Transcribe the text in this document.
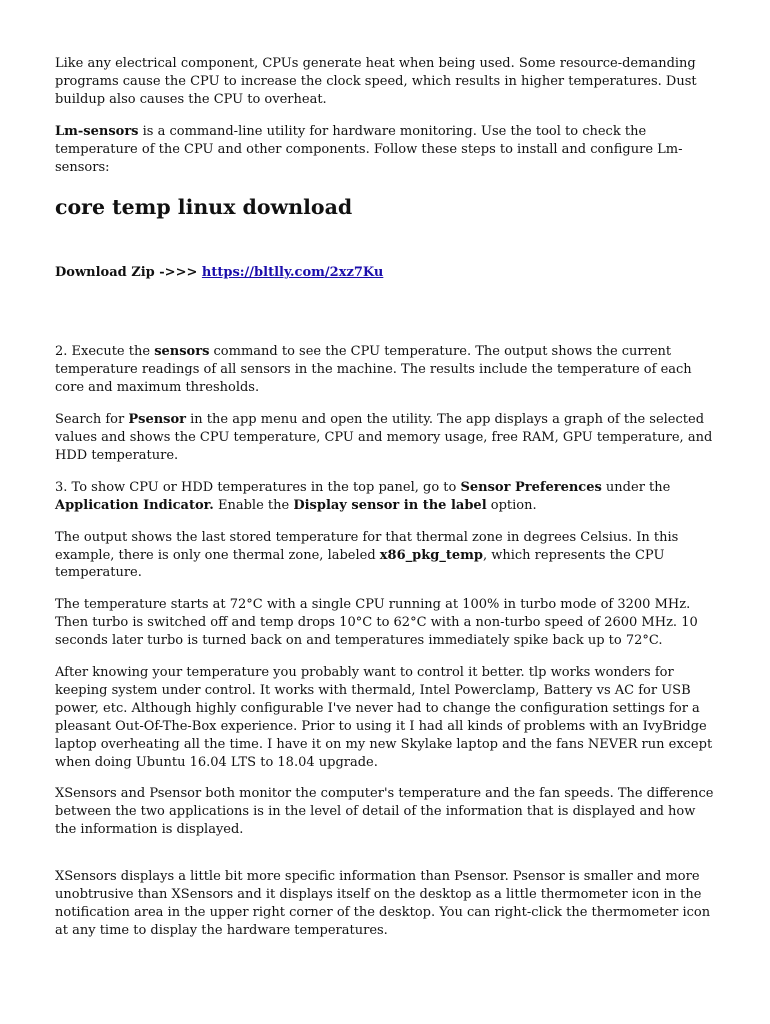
Like any electrical component, CPUs generate heat when being used. Some resource-demanding programs cause the CPU to increase the clock speed, which results in higher temperatures. Dust buildup also causes the CPU to overheat.

Lm-sensors is a command-line utility for hardware monitoring. Use the tool to check the temperature of the CPU and other components. Follow these steps to install and configure Lm-sensors:

core temp linux download

Download Zip ->>> https://bltlly.com/2xz7Ku

2. Execute the sensors command to see the CPU temperature. The output shows the current temperature readings of all sensors in the machine. The results include the temperature of each core and maximum thresholds.

Search for Psensor in the app menu and open the utility. The app displays a graph of the selected values and shows the CPU temperature, CPU and memory usage, free RAM, GPU temperature, and HDD temperature.

3. To show CPU or HDD temperatures in the top panel, go to Sensor Preferences under the Application Indicator. Enable the Display sensor in the label option.

The output shows the last stored temperature for that thermal zone in degrees Celsius. In this example, there is only one thermal zone, labeled x86_pkg_temp, which represents the CPU temperature.

The temperature starts at 72°C with a single CPU running at 100% in turbo mode of 3200 MHz. Then turbo is switched off and temp drops 10°C to 62°C with a non-turbo speed of 2600 MHz. 10 seconds later turbo is turned back on and temperatures immediately spike back up to 72°C.

After knowing your temperature you probably want to control it better. tlp works wonders for keeping system under control. It works with thermald, Intel Powerclamp, Battery vs AC for USB power, etc. Although highly configurable I've never had to change the configuration settings for a pleasant Out-Of-The-Box experience. Prior to using it I had all kinds of problems with an IvyBridge laptop overheating all the time. I have it on my new Skylake laptop and the fans NEVER run except when doing Ubuntu 16.04 LTS to 18.04 upgrade.

XSensors and Psensor both monitor the computer's temperature and the fan speeds. The difference between the two applications is in the level of detail of the information that is displayed and how the information is displayed.

XSensors displays a little bit more specific information than Psensor. Psensor is smaller and more unobtrusive than XSensors and it displays itself on the desktop as a little thermometer icon in the notification area in the upper right corner of the desktop. You can right-click the thermometer icon at any time to display the hardware temperatures.
